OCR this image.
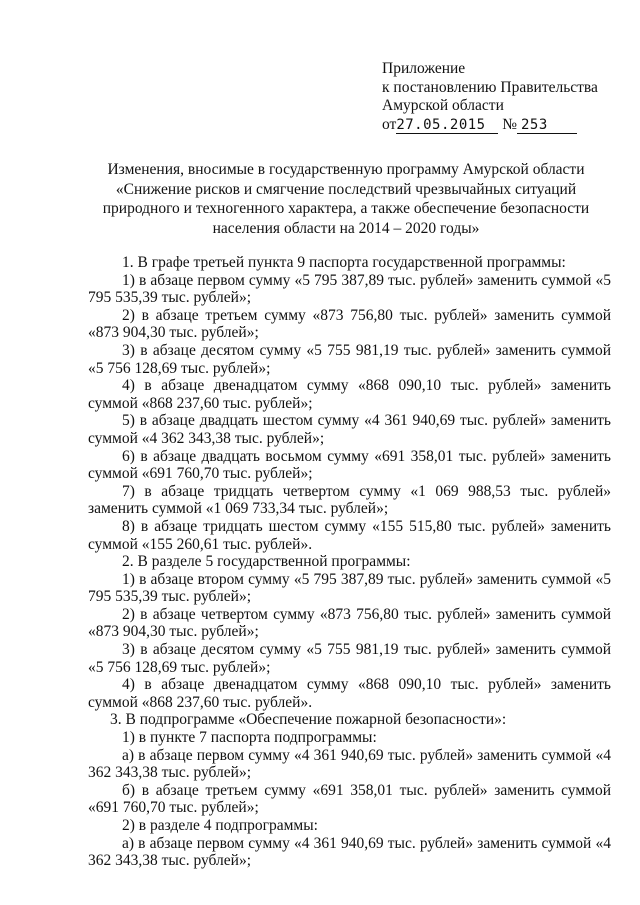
Приложение
к постановлению Правительства
Амурской области
от27.05.2015 № 253
Изменения, вносимые в государственную программу Амурской области
«Снижение рисков и смягчение последствий чрезвычайных ситуаций
природного и техногенного характера, а также обеспечение безопасности
населения области на 2014 – 2020 годы»

1. В графе третьей пункта 9 паспорта государственной программы:

1) в абзаце первом сумму «5 795 387,89 тыс. рублей» заменить суммой «5 795 535,39 тыс. рублей»;

2) в абзаце третьем сумму «873 756,80 тыс. рублей» заменить суммой «873 904,30 тыс. рублей»;

3) в абзаце десятом сумму «5 755 981,19 тыс. рублей» заменить суммой «5 756 128,69 тыс. рублей»;

4) в абзаце двенадцатом сумму «868 090,10 тыс. рублей» заменить суммой «868 237,60 тыс. рублей»;

5) в абзаце двадцать шестом сумму «4 361 940,69 тыс. рублей» заменить суммой «4 362 343,38 тыс. рублей»;

6) в абзаце двадцать восьмом сумму «691 358,01 тыс. рублей» заменить суммой «691 760,70 тыс. рублей»;

7) в абзаце тридцать четвертом сумму «1 069 988,53 тыс. рублей» заменить суммой «1 069 733,34 тыс. рублей»;

8) в абзаце тридцать шестом сумму «155 515,80 тыс. рублей» заменить суммой «155 260,61 тыс. рублей».

2. В разделе 5 государственной программы:

1) в абзаце втором сумму «5 795 387,89 тыс. рублей» заменить суммой «5 795 535,39 тыс. рублей»;

2) в абзаце четвертом сумму «873 756,80 тыс. рублей» заменить суммой «873 904,30 тыс. рублей»;

3) в абзаце десятом сумму «5 755 981,19 тыс. рублей» заменить суммой «5 756 128,69 тыс. рублей»;

4) в абзаце двенадцатом сумму «868 090,10 тыс. рублей» заменить суммой «868 237,60 тыс. рублей».

3. В подпрограмме «Обеспечение пожарной безопасности»:

1) в пункте 7 паспорта подпрограммы:

а) в абзаце первом сумму «4 361 940,69 тыс. рублей» заменить суммой «4 362 343,38 тыс. рублей»;

б) в абзаце третьем сумму «691 358,01 тыс. рублей» заменить суммой «691 760,70 тыс. рублей»;

2) в разделе 4 подпрограммы:

а) в абзаце первом сумму «4 361 940,69 тыс. рублей» заменить суммой «4 362 343,38 тыс. рублей»;
